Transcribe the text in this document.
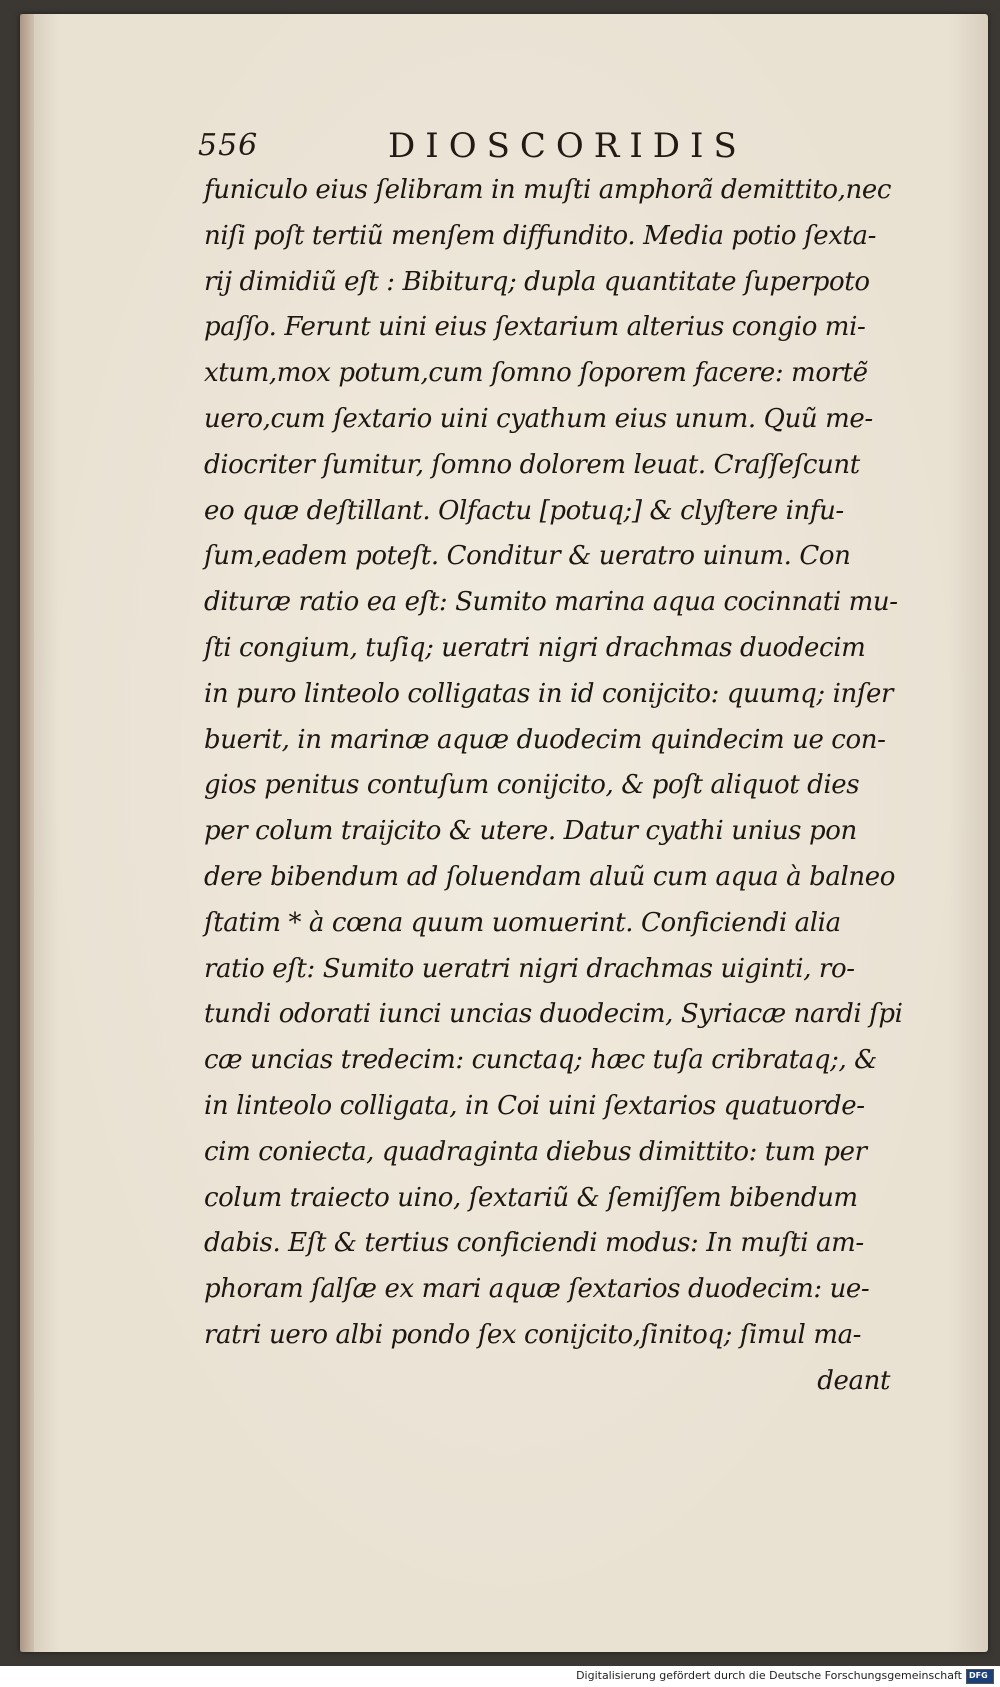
556	DIOSCORIDIS
funiculo eius ſelibram in muſti amphorã demittito,nec
niſi poſt tertiũ menſem diffundito. Media potio ſexta-
rij dimidiũ eſt : Bibiturq; dupla quantitate ſuperpoto
paſſo. Ferunt uini eius ſextarium alterius congio mi-
xtum,mox potum,cum ſomno ſoporem facere: mortẽ
uero,cum ſextario uini cyathum eius unum. Quũ me-
diocriter ſumitur, ſomno dolorem leuat. Craſſeſcunt
eo quæ deſtillant. Olfactu [potuq;] & clyſtere infu-
ſum,eadem poteſt. Conditur & ueratro uinum. Con
dituræ ratio ea eſt: Sumito marina aqua cocinnati mu-
ſti congium, tuſiq; ueratri nigri drachmas duodecim
in puro linteolo colligatas in id conijcito: quumq; inſer
buerit, in marinæ aquæ duodecim quindecim ue con-
gios penitus contuſum conijcito, & poſt aliquot dies
per colum traijcito & utere. Datur cyathi unius pon
dere bibendum ad ſoluendam aluũ cum aqua à balneo
ſtatim * à cœna quum uomuerint. Conficiendi alia
ratio eſt: Sumito ueratri nigri drachmas uiginti, ro-
tundi odorati iunci uncias duodecim, Syriacæ nardi ſpi
cæ uncias tredecim: cunctaq; hæc tuſa cribrataq;, &
in linteolo colligata, in Coi uini ſextarios quatuorde-
cim coniecta, quadraginta diebus dimittito: tum per
colum traiecto uino, ſextariũ & ſemiſſem bibendum
dabis. Eſt & tertius conficiendi modus: In muſti am-
phoram ſalſæ ex mari aquæ ſextarios duodecim: ue-
ratri uero albi pondo ſex conijcito,ſinitoq; ſimul ma-
deant
Digitalisierung gefördert durch die Deutsche Forschungsgemeinschaft DFG
